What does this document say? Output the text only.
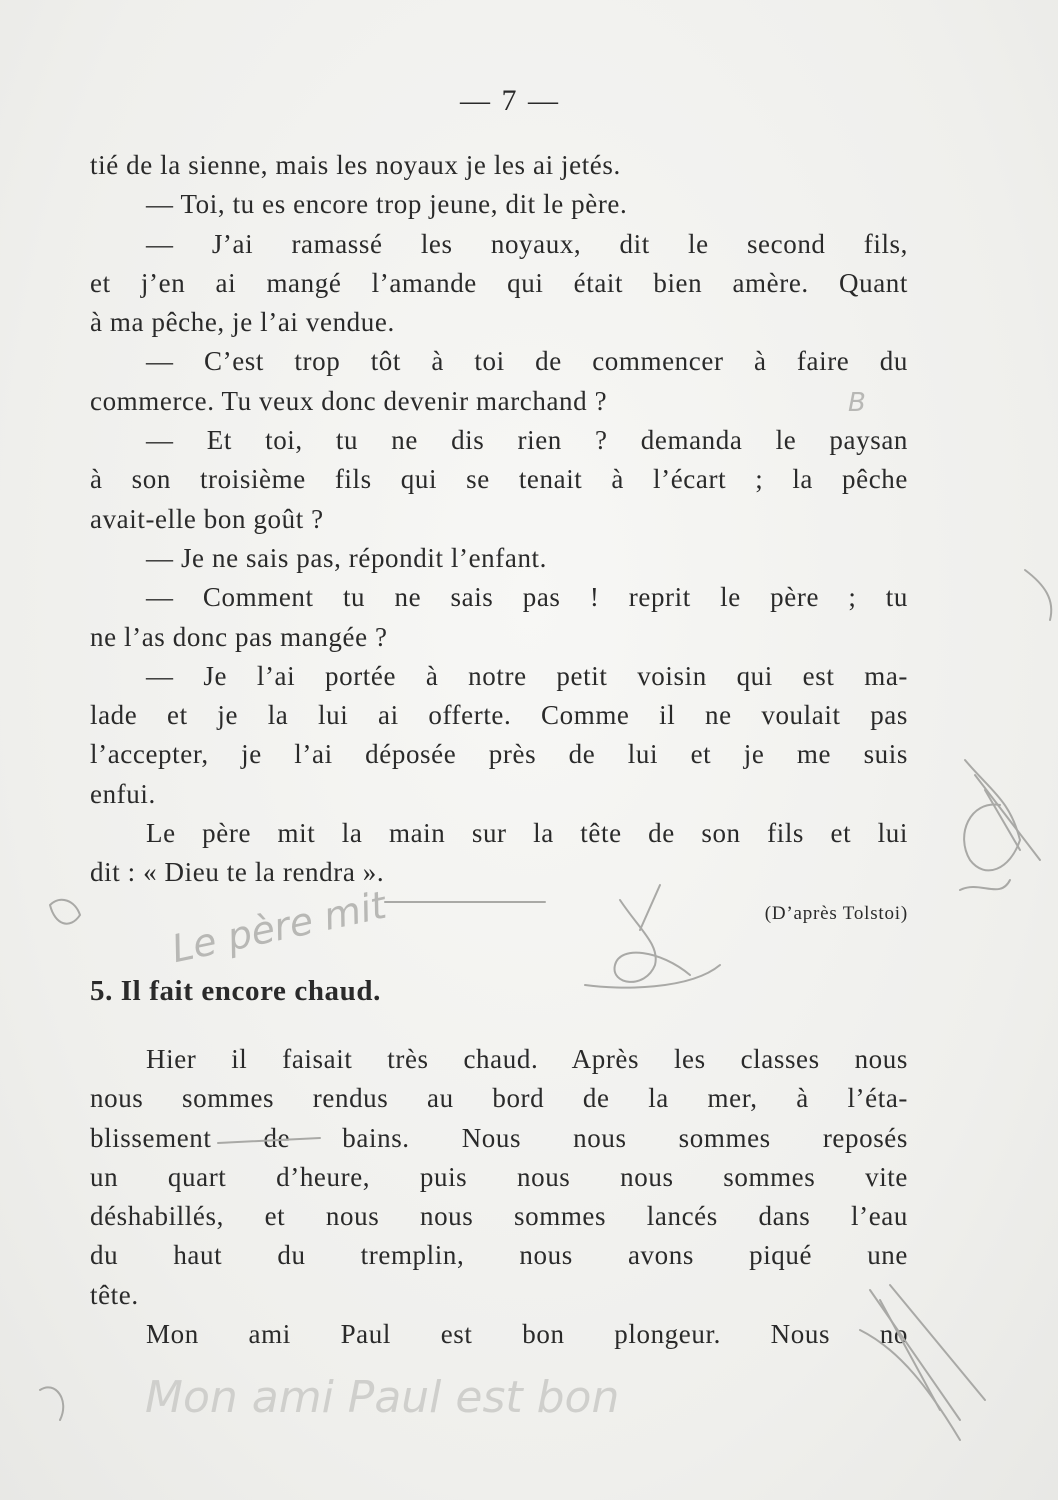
— 7 —
tié de la sienne, mais les noyaux je les ai jetés.
— Toi, tu es encore trop jeune, dit le père.
— J’ai ramassé les noyaux, dit le second fils,
et j’en ai mangé l’amande qui était bien amère. Quant
à ma pêche, je l’ai vendue.
— C’est trop tôt à toi de commencer à faire du
commerce. Tu veux donc devenir marchand ?
— Et toi, tu ne dis rien ? demanda le paysan
à son troisième fils qui se tenait à l’écart ; la pêche
avait-elle bon goût ?
— Je ne sais pas, répondit l’enfant.
— Comment tu ne sais pas ! reprit le père ; tu
ne l’as donc pas mangée ?
— Je l’ai portée à notre petit voisin qui est ma-
lade et je la lui ai offerte. Comme il ne voulait pas
l’accepter, je l’ai déposée près de lui et je me suis
enfui.
Le père mit la main sur la tête de son fils et lui
dit : « Dieu te la rendra ».
(D’après Tolstoi)
5. Il fait encore chaud.
Hier il faisait très chaud. Après les classes nous
nous sommes rendus au bord de la mer, à l’éta-
blissement de bains. Nous nous sommes reposés
un quart d’heure, puis nous nous sommes vite
déshabillés, et nous nous sommes lancés dans l’eau
du haut du tremplin, nous avons piqué une
tête.
Mon ami Paul est bon plongeur. Nous no
Le père mit
Mon ami Paul est bon
B
